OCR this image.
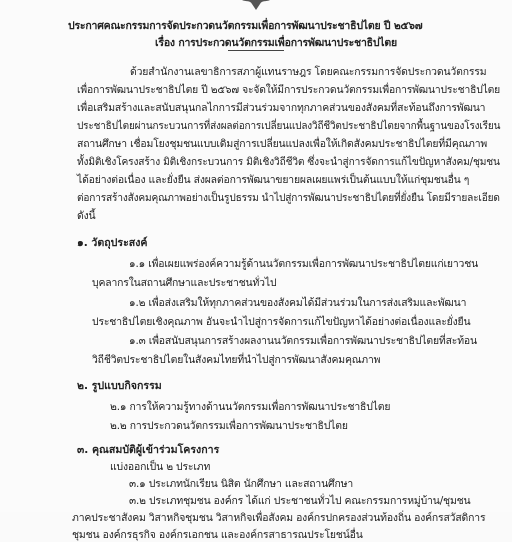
ประกาศคณะกรรมการจัดประกวดนวัตกรรมเพื่อการพัฒนาประชาธิปไตย ปี ๒๕๖๗
เรื่อง การประกวดนวัตกรรมเพื่อการพัฒนาประชาธิปไตย
ด้วยสำนักงานเลขาธิการสภาผู้แทนราษฎร โดยคณะกรรมการจัดประกวดนวัตกรรม
เพื่อการพัฒนาประชาธิปไตย ปี ๒๕๖๗ จะจัดให้มีการประกวดนวัตกรรมเพื่อการพัฒนาประชาธิปไตย
เพื่อเสริมสร้างและสนับสนุนกลไกการมีส่วนร่วมจากทุกภาคส่วนของสังคมที่สะท้อนถึงการพัฒนา
ประชาธิปไตยผ่านกระบวนการที่ส่งผลต่อการเปลี่ยนแปลงวิถีชีวิตประชาธิปไตยจากพื้นฐานของโรงเรียน
สถานศึกษา เชื่อมโยงชุมชนแบบเดิมสู่การเปลี่ยนแปลงเพื่อให้เกิดสังคมประชาธิปไตยที่มีคุณภาพ
ทั้งมิติเชิงโครงสร้าง มิติเชิงกระบวนการ มิติเชิงวิถีชีวิต ซึ่งจะนำสู่การจัดการแก้ไขปัญหาสังคม/ชุมชน
ได้อย่างต่อเนื่อง และยั่งยืน ส่งผลต่อการพัฒนาขยายผลเผยแพร่เป็นต้นแบบให้แก่ชุมชนอื่น ๆ
ต่อการสร้างสังคมคุณภาพอย่างเป็นรูปธรรม นำไปสู่การพัฒนาประชาธิปไตยที่ยั่งยืน โดยมีรายละเอียด
ดังนี้
๑. วัตถุประสงค์
๑.๑ เพื่อเผยแพร่องค์ความรู้ด้านนวัตกรรมเพื่อการพัฒนาประชาธิปไตยแก่เยาวชน
บุคลากรในสถานศึกษาและประชาชนทั่วไป
๑.๒ เพื่อส่งเสริมให้ทุกภาคส่วนของสังคมได้มีส่วนร่วมในการส่งเสริมและพัฒนา
ประชาธิปไตยเชิงคุณภาพ อันจะนำไปสู่การจัดการแก้ไขปัญหาได้อย่างต่อเนื่องและยั่งยืน
๑.๓ เพื่อสนับสนุนการสร้างผลงานนวัตกรรมเพื่อการพัฒนาประชาธิปไตยที่สะท้อน
วิถีชีวิตประชาธิปไตยในสังคมไทยที่นำไปสู่การพัฒนาสังคมคุณภาพ
๒. รูปแบบกิจกรรม
๒.๑ การให้ความรู้ทางด้านนวัตกรรมเพื่อการพัฒนาประชาธิปไตย
๒.๒ การประกวดนวัตกรรมเพื่อการพัฒนาประชาธิปไตย
๓. คุณสมบัติผู้เข้าร่วมโครงการ
แบ่งออกเป็น ๒ ประเภท
๓.๑ ประเภทนักเรียน นิสิต นักศึกษา และสถานศึกษา
๓.๒ ประเภทชุมชน องค์กร ได้แก่ ประชาชนทั่วไป คณะกรรมการหมู่บ้าน/ชุมชน
ภาคประชาสังคม วิสาหกิจชุมชน วิสาหกิจเพื่อสังคม องค์กรปกครองส่วนท้องถิ่น องค์กรสวัสดิการ
ชุมชน องค์กรธุรกิจ องค์กรเอกชน และองค์กรสาธารณประโยชน์อื่น
